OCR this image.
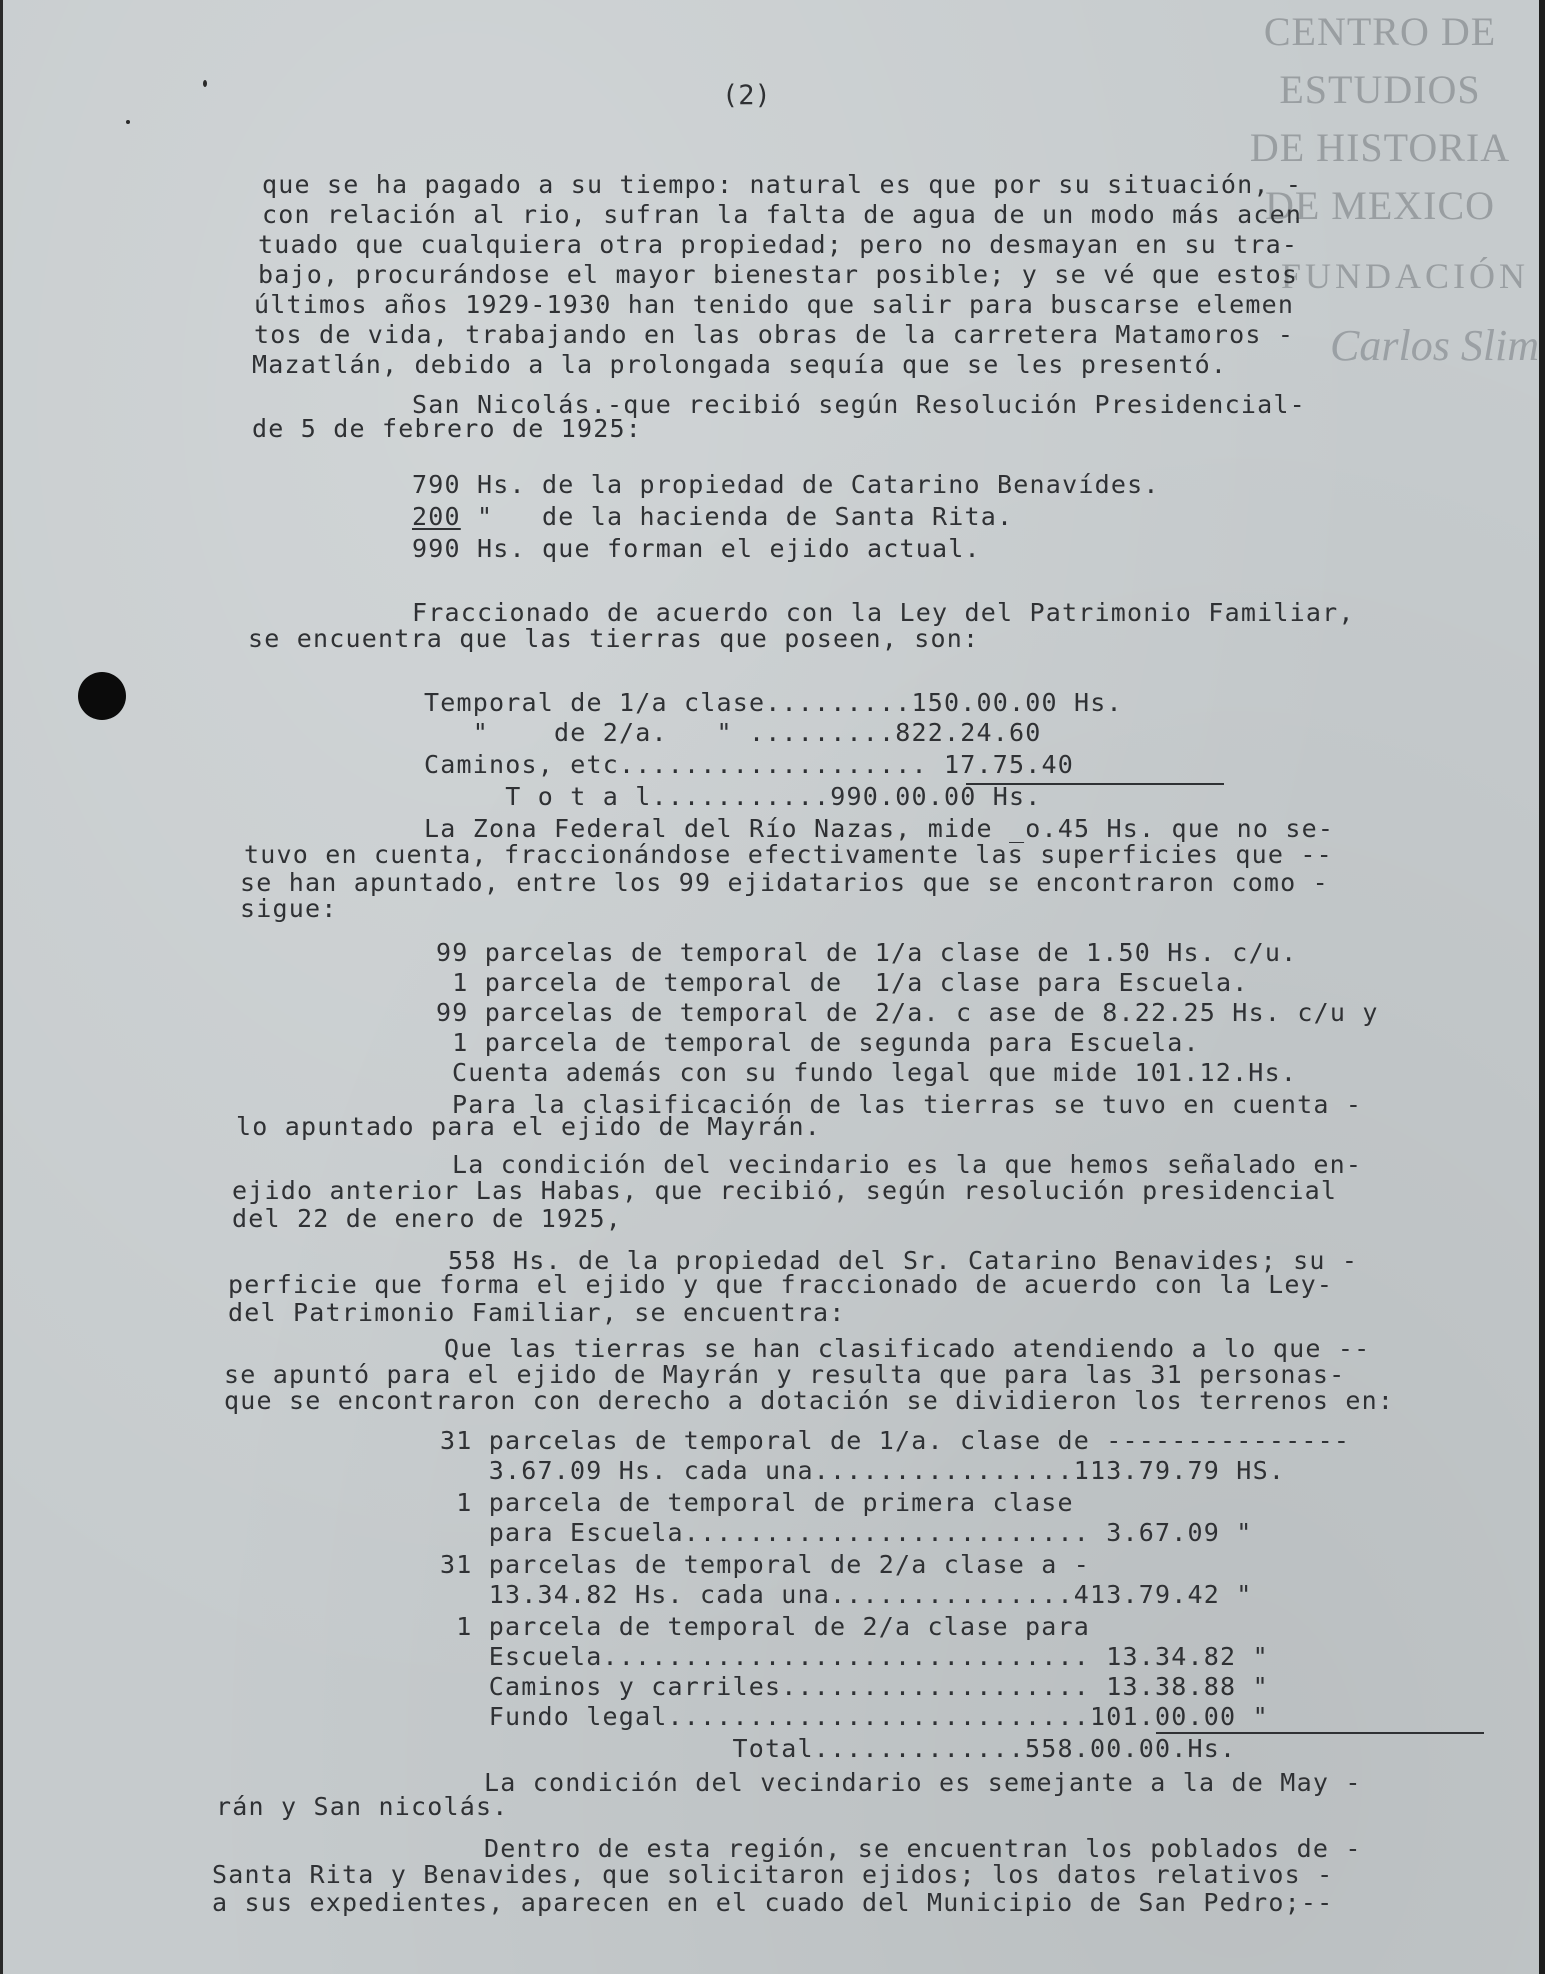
CENTRO DE
ESTUDIOS
DE HISTORIA
DE MEXICO
FUNDACIÓN
Carlos Slim
(2)
que se ha pagado a su tiempo: natural es que por su situación, -
con relación al rio, sufran la falta de agua de un modo más acen
tuado que cualquiera otra propiedad; pero no desmayan en su tra-
bajo, procurándose el mayor bienestar posible; y se vé que estos
últimos años 1929-1930 han tenido que salir para buscarse elemen
tos de vida, trabajando en las obras de la carretera Matamoros -
Mazatlán, debido a la prolongada sequía que se les presentó.
San Nicolás.-que recibió según Resolución Presidencial-
de 5 de febrero de 1925:
790 Hs. de la propiedad de Catarino Benavídes.
200 "   de la hacienda de Santa Rita.
990 Hs. que forman el ejido actual.
Fraccionado de acuerdo con la Ley del Patrimonio Familiar,
se encuentra que las tierras que poseen, son:
Temporal de 1/a clase.........150.00.00 Hs.
"    de 2/a.   " .........822.24.60
Caminos, etc................... 17.75.40
T o t a l...........990.00.00 Hs.
La Zona Federal del Río Nazas, mide _o.45 Hs. que no se-
tuvo en cuenta, fraccionándose efectivamente las superficies que --
se han apuntado, entre los 99 ejidatarios que se encontraron como -
sigue:
99 parcelas de temporal de 1/a clase de 1.50 Hs. c/u.
1 parcela de temporal de  1/a clase para Escuela.
99 parcelas de temporal de 2/a. c ase de 8.22.25 Hs. c/u y
1 parcela de temporal de segunda para Escuela.
Cuenta además con su fundo legal que mide 101.12.Hs.
Para la clasificación de las tierras se tuvo en cuenta -
lo apuntado para el ejido de Mayrán.
La condición del vecindario es la que hemos señalado en-
ejido anterior Las Habas, que recibió, según resolución presidencial
del 22 de enero de 1925,
558 Hs. de la propiedad del Sr. Catarino Benavides; su -
perficie que forma el ejido y que fraccionado de acuerdo con la Ley-
del Patrimonio Familiar, se encuentra:
Que las tierras se han clasificado atendiendo a lo que --
se apuntó para el ejido de Mayrán y resulta que para las 31 personas-
que se encontraron con derecho a dotación se dividieron los terrenos en:
31 parcelas de temporal de 1/a. clase de ---------------
3.67.09 Hs. cada una................113.79.79 HS.
1 parcela de temporal de primera clase
para Escuela......................... 3.67.09 "
31 parcelas de temporal de 2/a clase a -
13.34.82 Hs. cada una...............413.79.42 "
1 parcela de temporal de 2/a clase para
Escuela.............................. 13.34.82 "
Caminos y carriles................... 13.38.88 "
Fundo legal..........................101.00.00 "
Total.............558.00.00.Hs.
La condición del vecindario es semejante a la de May -
rán y San nicolás.
Dentro de esta región, se encuentran los poblados de -
Santa Rita y Benavides, que solicitaron ejidos; los datos relativos -
a sus expedientes, aparecen en el cuado del Municipio de San Pedro;--
